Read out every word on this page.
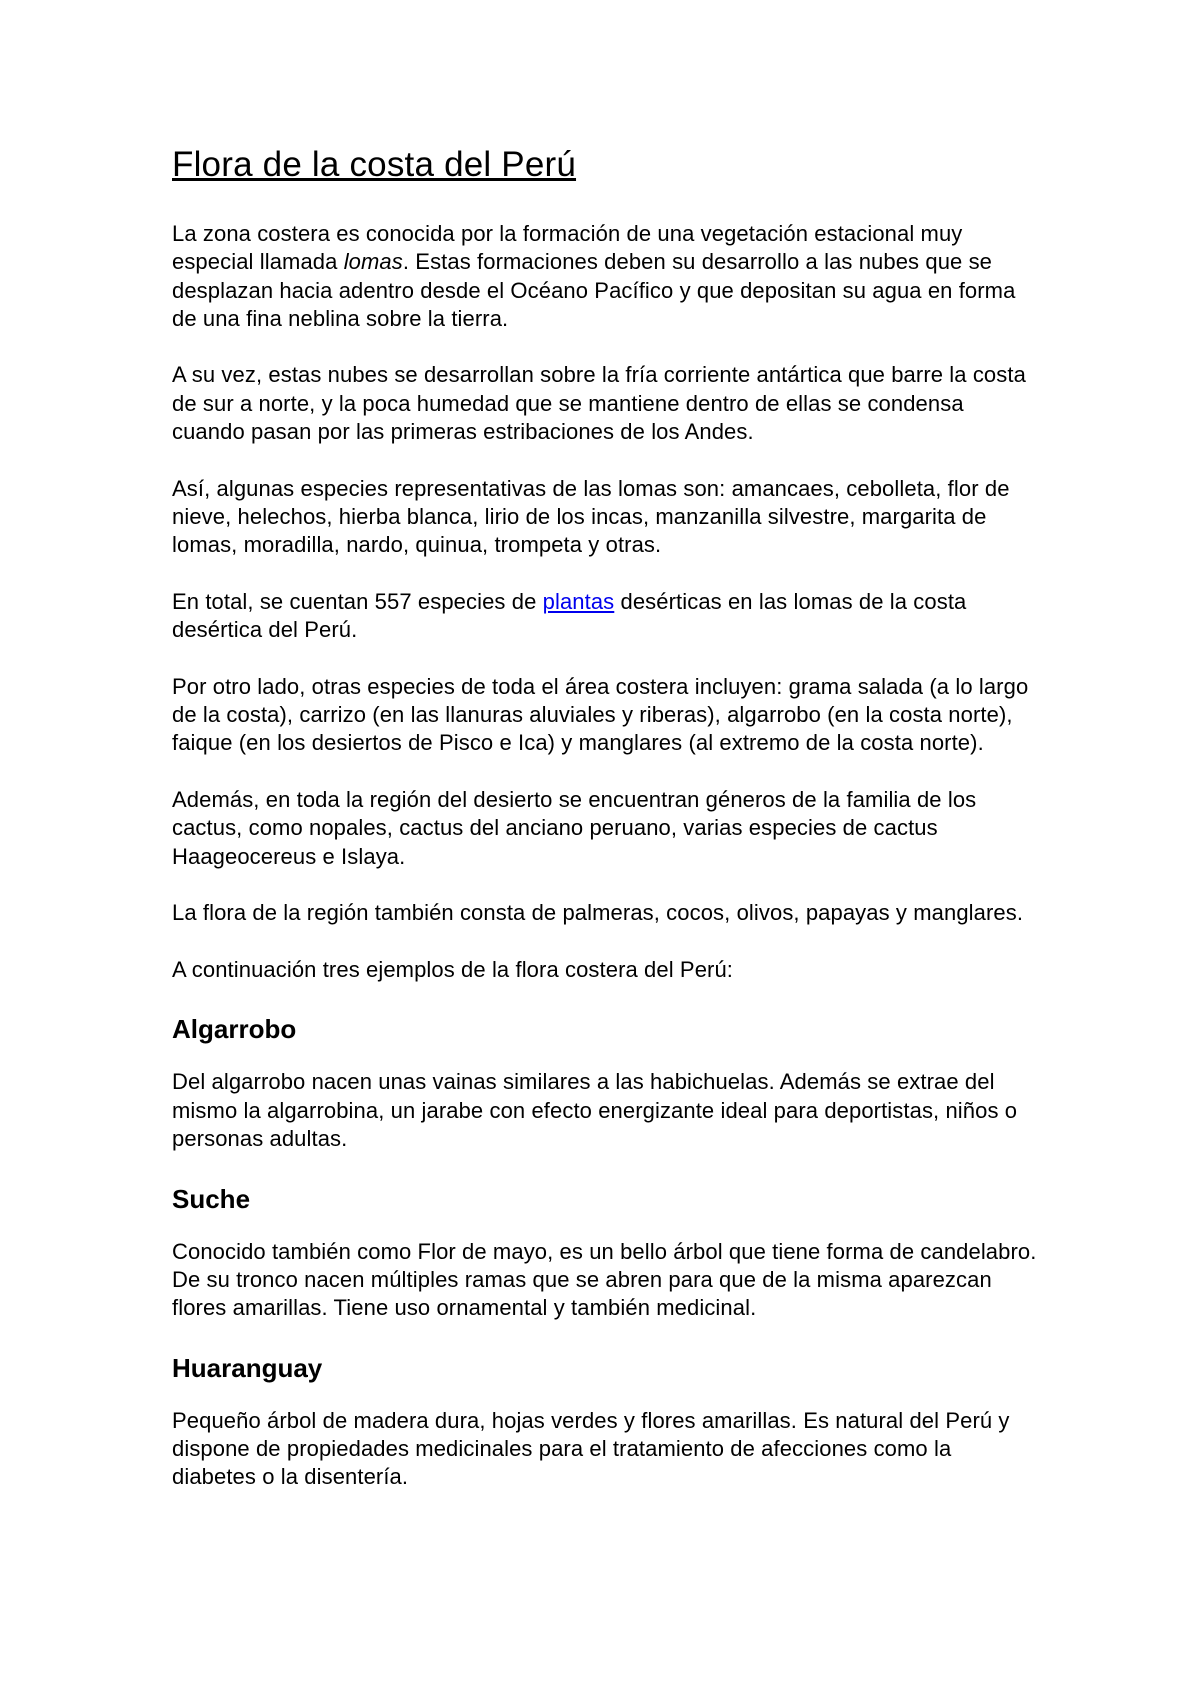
Flora de la costa del Perú

La zona costera es conocida por la formación de una vegetación estacional muy especial llamada lomas. Estas formaciones deben su desarrollo a las nubes que se desplazan hacia adentro desde el Océano Pacífico y que depositan su agua en forma de una fina neblina sobre la tierra.

A su vez, estas nubes se desarrollan sobre la fría corriente antártica que barre la costa de sur a norte, y la poca humedad que se mantiene dentro de ellas se condensa cuando pasan por las primeras estribaciones de los Andes.

Así, algunas especies representativas de las lomas son: amancaes, cebolleta, flor de nieve, helechos, hierba blanca, lirio de los incas, manzanilla silvestre, margarita de lomas, moradilla, nardo, quinua, trompeta y otras.

En total, se cuentan 557 especies de plantas desérticas en las lomas de la costa desértica del Perú.

Por otro lado, otras especies de toda el área costera incluyen: grama salada (a lo largo de la costa), carrizo (en las llanuras aluviales y riberas), algarrobo (en la costa norte), faique (en los desiertos de Pisco e Ica) y manglares (al extremo de la costa norte).

Además, en toda la región del desierto se encuentran géneros de la familia de los cactus, como nopales, cactus del anciano peruano, varias especies de cactus Haageocereus e Islaya.

La flora de la región también consta de palmeras, cocos, olivos, papayas y manglares.

A continuación tres ejemplos de la flora costera del Perú:

Algarrobo

Del algarrobo nacen unas vainas similares a las habichuelas. Además se extrae del mismo la algarrobina, un jarabe con efecto energizante ideal para deportistas, niños o personas adultas.

Suche

Conocido también como Flor de mayo, es un bello árbol que tiene forma de candelabro. De su tronco nacen múltiples ramas que se abren para que de la misma aparezcan flores amarillas. Tiene uso ornamental y también medicinal.

Huaranguay

Pequeño árbol de madera dura, hojas verdes y flores amarillas. Es natural del Perú y dispone de propiedades medicinales para el tratamiento de afecciones como la diabetes o la disentería.
